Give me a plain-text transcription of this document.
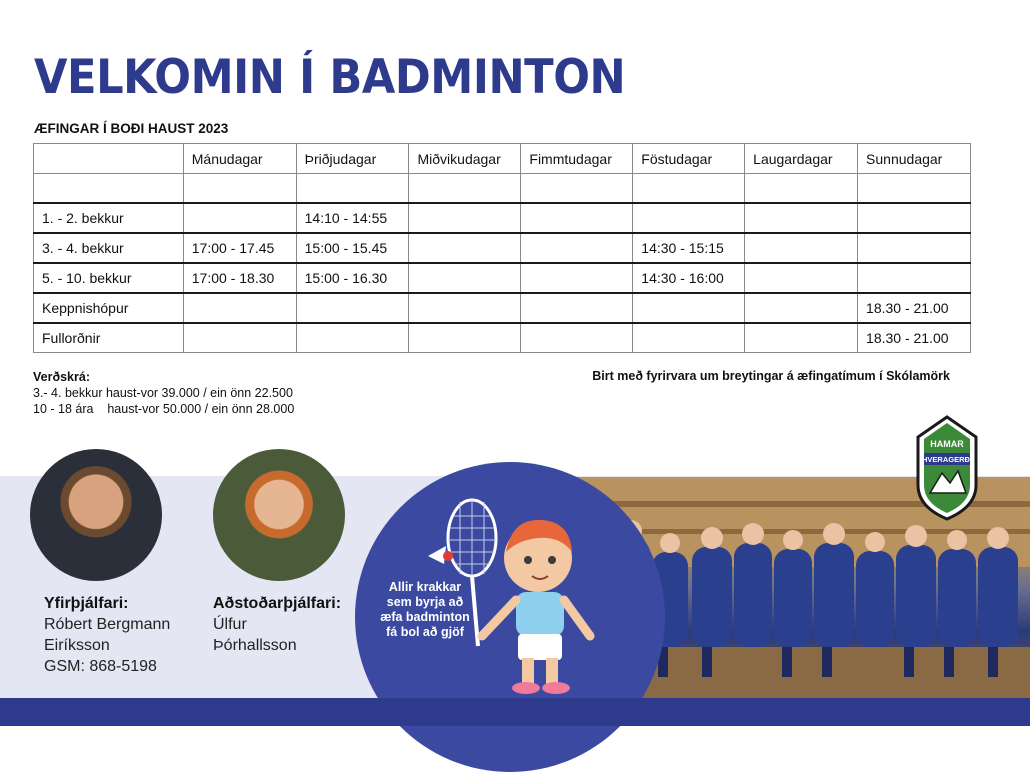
VELKOMIN Í BADMINTON
ÆFINGAR Í BOÐI HAUST 2023
	Mánudagar	Þriðjudagar	Miðvikudagar	Fimmtudagar	Föstudagar	Laugardagar	Sunnudagar

1. - 2. bekkur		14:10 - 14:55					
3. - 4. bekkur	17:00 - 17.45	15:00 - 15.45			14:30 - 15:15		
5. - 10. bekkur	17:00 - 18.30	15:00 - 16.30			14:30 - 16:00		
Keppnishópur							18.30 - 21.00
Fullorðnir							18.30 - 21.00
Verðskrá:
3.- 4. bekkur haust-vor 39.000 / ein önn 22.500
10 - 18 ára    haust-vor 50.000 / ein önn 28.000
Birt með fyrirvara um breytingar á æfingatímum í Skólamörk
Allir krakkar sem byrja að æfa badminton fá bol að gjöf
Yfirþjálfari:
Róbert Bergmann
Eiríksson
GSM: 868-5198
Aðstoðarþjálfari:
Úlfur
Þórhallsson
HVERAGERÐI
HAMAR
